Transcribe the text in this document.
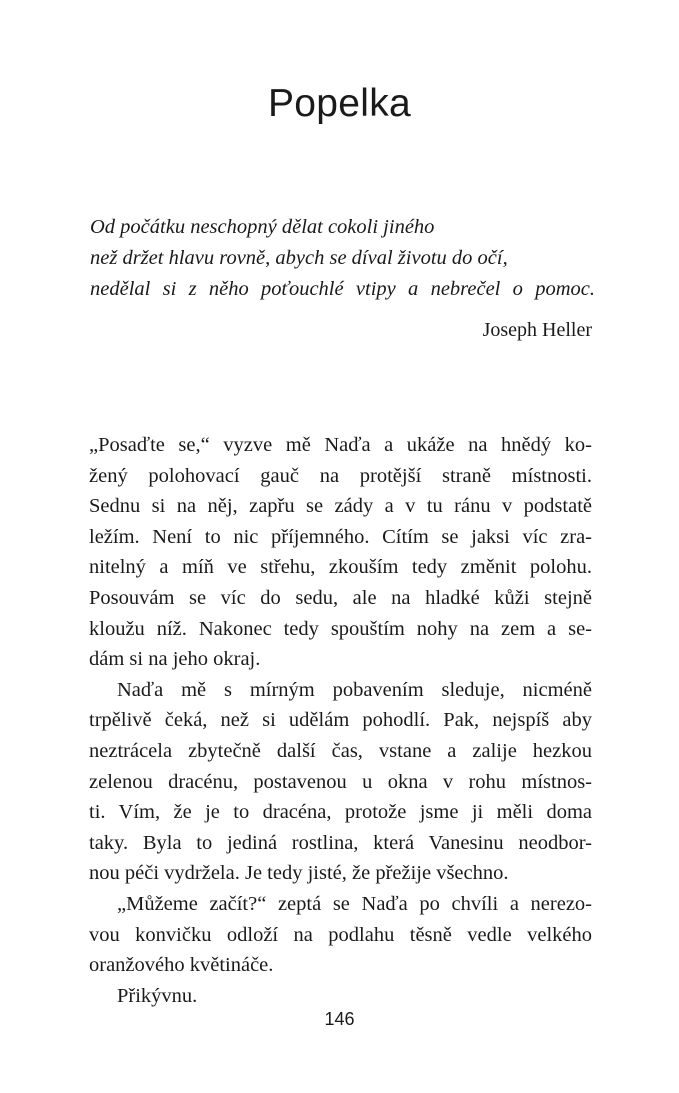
Popelka
Od počátku neschopný dělat cokoli jiného
než držet hlavu rovně, abych se díval životu do očí,
nedělal si z něho poťouchlé vtipy a nebrečel o pomoc.
Joseph Heller
„Posaďte se,“ vyzve mě Naďa a ukáže na hnědý ko-
žený polohovací gauč na protější straně místnosti.
Sednu si na něj, zapřu se zády a v tu ránu v podstatě
ležím. Není to nic příjemného. Cítím se jaksi víc zra-
nitelný a míň ve střehu, zkouším tedy změnit polohu.
Posouvám se víc do sedu, ale na hladké kůži stejně
kloužu níž. Nakonec tedy spouštím nohy na zem a se-
dám si na jeho okraj.
Naďa mě s mírným pobavením sleduje, nicméně
trpělivě čeká, než si udělám pohodlí. Pak, nejspíš aby
neztrácela zbytečně další čas, vstane a zalije hezkou
zelenou dracénu, postavenou u okna v rohu místnos-
ti. Vím, že je to dracéna, protože jsme ji měli doma
taky. Byla to jediná rostlina, která Vanesinu neodbor-
nou péči vydržela. Je tedy jisté, že přežije všechno.
„Můžeme začít?“ zeptá se Naďa po chvíli a nerezo-
vou konvičku odloží na podlahu těsně vedle velkého
oranžového květináče.
Přikývnu.
146
